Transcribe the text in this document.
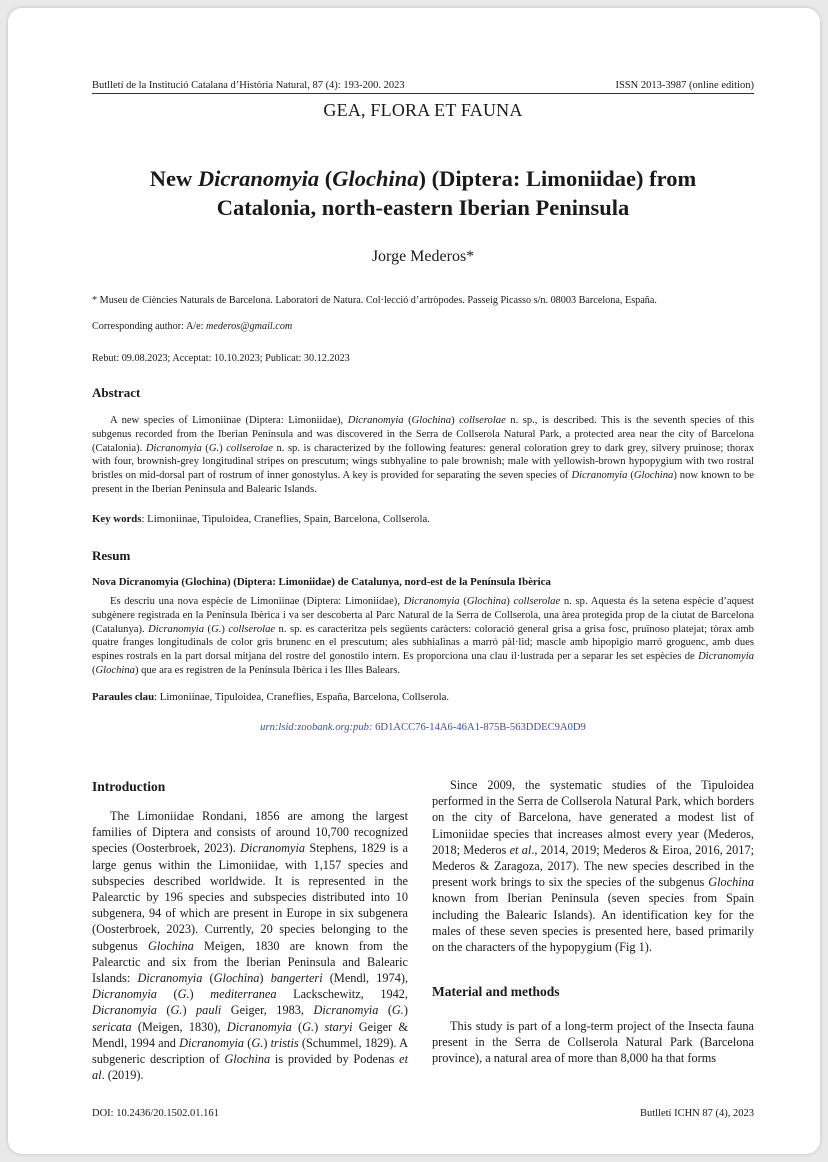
Butlletí de la Institució Catalana d’Història Natural, 87 (4): 193-200. 2023	ISSN 2013-3987 (online edition)
GEA, FLORA ET FAUNA
New Dicranomyia (Glochina) (Diptera: Limoniidae) from
Catalonia, north-eastern Iberian Peninsula
Jorge Mederos*
* Museu de Ciències Naturals de Barcelona. Laboratori de Natura. Col·lecció d’artròpodes. Passeig Picasso s/n. 08003 Barcelona, España.
Corresponding author: A/e: mederos@gmail.com
Rebut: 09.08.2023; Acceptat: 10.10.2023; Publicat: 30.12.2023
Abstract

A new species of Limoniinae (Diptera: Limoniidae), Dicranomyia (Glochina) collserolae n. sp., is described. This is the seventh species of this subgenus recorded from the Iberian Peninsula and was discovered in the Serra de Collserola Natural Park, a protected area near the city of Barcelona (Catalonia). Dicranomyia (G.) collserolae n. sp. is characterized by the following features: general coloration grey to dark grey, silvery pruinose; thorax with four, brownish-grey longitudinal stripes on prescutum; wings subhyaline to pale brownish; male with yellowish-brown hypopygium with two rostral bristles on mid-dorsal part of rostrum of inner gonostylus. A key is provided for separating the seven species of Dicranomyia (Glochina) now known to be present in the Iberian Peninsula and Balearic Islands.

Key words: Limoniinae, Tipuloidea, Craneflies, Spain, Barcelona, Collserola.
Resum
Nova Dicranomyia (Glochina) (Diptera: Limoniidae) de Catalunya, nord-est de la Península Ibèrica

Es descriu una nova espècie de Limoniinae (Diptera: Limoniidae), Dicranomyia (Glochina) collserolae n. sp. Aquesta és la setena espècie d’aquest subgènere registrada en la Península Ibèrica i va ser descoberta al Parc Natural de la Serra de Collserola, una àrea protegida prop de la ciutat de Barcelona (Catalunya). Dicranomyia (G.) collserolae n. sp. es caracteritza pels següents caràcters: coloració general grisa a grisa fosc, pruïnoso platejat; tòrax amb quatre franges longitudinals de color gris brunenc en el prescutum; ales subhialinas a marró pàl·lid; mascle amb hipopigio marró groguenc, amb dues espines rostrals en la part dorsal mitjana del rostre del gonostilo intern. Es proporciona una clau il·lustrada per a separar les set espècies de Dicranomyia (Glochina) que ara es registren de la Península Ibèrica i les Illes Balears.

Paraules clau: Limoniinae, Tipuloidea, Craneflies, España, Barcelona, Collserola.
urn:lsid:zoobank.org:pub: 6D1ACC76-14A6-46A1-875B-563DDEC9A0D9
Introduction

The Limoniidae Rondani, 1856 are among the largest families of Diptera and consists of around 10,700 recognized species (Oosterbroek, 2023). Dicranomyia Stephens, 1829 is a large genus within the Limoniidae, with 1,157 species and subspecies described worldwide. It is represented in the Palearctic by 196 species and subspecies distributed into 10 subgenera, 94 of which are present in Europe in six subgenera (Oosterbroek, 2023). Currently, 20 species belonging to the subgenus Glochina Meigen, 1830 are known from the Palearctic and six from the Iberian Peninsula and Balearic Islands: Dicranomyia (Glochina) bangerteri (Mendl, 1974), Dicranomyia (G.) mediterranea Lackschewitz, 1942, Dicranomyia (G.) pauli Geiger, 1983, Dicranomyia (G.) sericata (Meigen, 1830), Dicranomyia (G.) staryi Geiger & Mendl, 1994 and Dicranomyia (G.) tristis (Schummel, 1829). A subgeneric description of Glochina is provided by Podenas et al. (2019).

Since 2009, the systematic studies of the Tipuloidea performed in the Serra de Collserola Natural Park, which borders on the city of Barcelona, have generated a modest list of Limoniidae species that increases almost every year (Mederos, 2018; Mederos et al., 2014, 2019; Mederos & Eiroa, 2016, 2017; Mederos & Zaragoza, 2017). The new species described in the present work brings to six the species of the subgenus Glochina known from Iberian Peninsula (seven species from Spain including the Balearic Islands). An identification key for the males of these seven species is presented here, based primarily on the characters of the hypopygium (Fig 1).

Material and methods

This study is part of a long-term project of the Insecta fauna present in the Serra de Collserola Natural Park (Barcelona province), a natural area of more than 8,000 ha that forms

DOI: 10.2436/20.1502.01.161	Butlletí ICHN 87 (4), 2023
